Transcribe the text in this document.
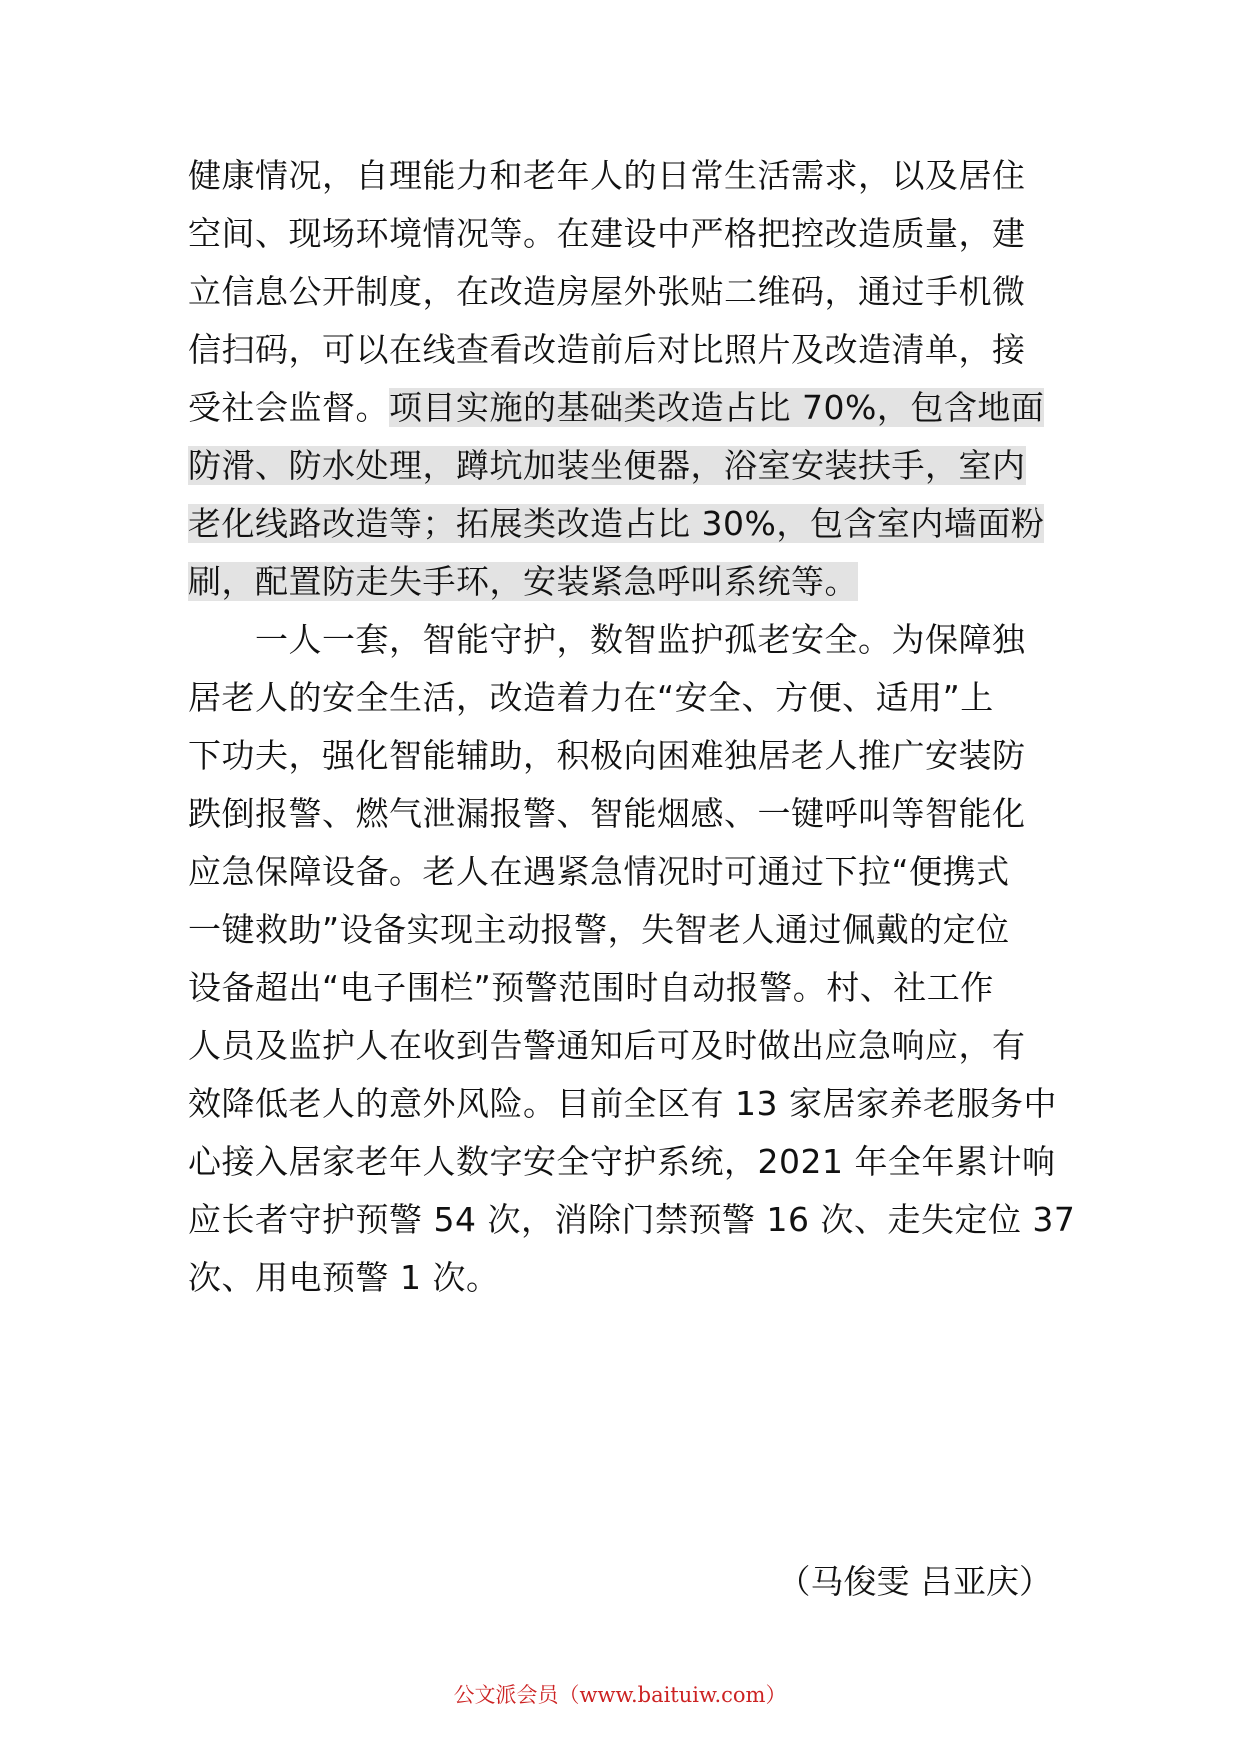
健康情况，自理能力和老年人的日常生活需求，以及居住
空间、现场环境情况等。在建设中严格把控改造质量，建
立信息公开制度，在改造房屋外张贴二维码，通过手机微
信扫码，可以在线查看改造前后对比照片及改造清单，接
受社会监督。项目实施的基础类改造占比 70%，包含地面
防滑、防水处理，蹲坑加装坐便器，浴室安装扶手，室内
老化线路改造等；拓展类改造占比 30%，包含室内墙面粉
刷，配置防走失手环，安装紧急呼叫系统等。
　　一人一套，智能守护，数智监护孤老安全。为保障独
居老人的安全生活，改造着力在“安全、方便、适用”上
下功夫，强化智能辅助，积极向困难独居老人推广安装防
跌倒报警、燃气泄漏报警、智能烟感、一键呼叫等智能化
应急保障设备。老人在遇紧急情况时可通过下拉“便携式
一键救助”设备实现主动报警，失智老人通过佩戴的定位
设备超出“电子围栏”预警范围时自动报警。村、社工作
人员及监护人在收到告警通知后可及时做出应急响应，有
效降低老人的意外风险。目前全区有 13 家居家养老服务中
心接入居家老年人数字安全守护系统，2021 年全年累计响
应长者守护预警 54 次，消除门禁预警 16 次、走失定位 37
次、用电预警 1 次。
（马俊雯 吕亚庆）
公文派会员（www.baituiw.com）
